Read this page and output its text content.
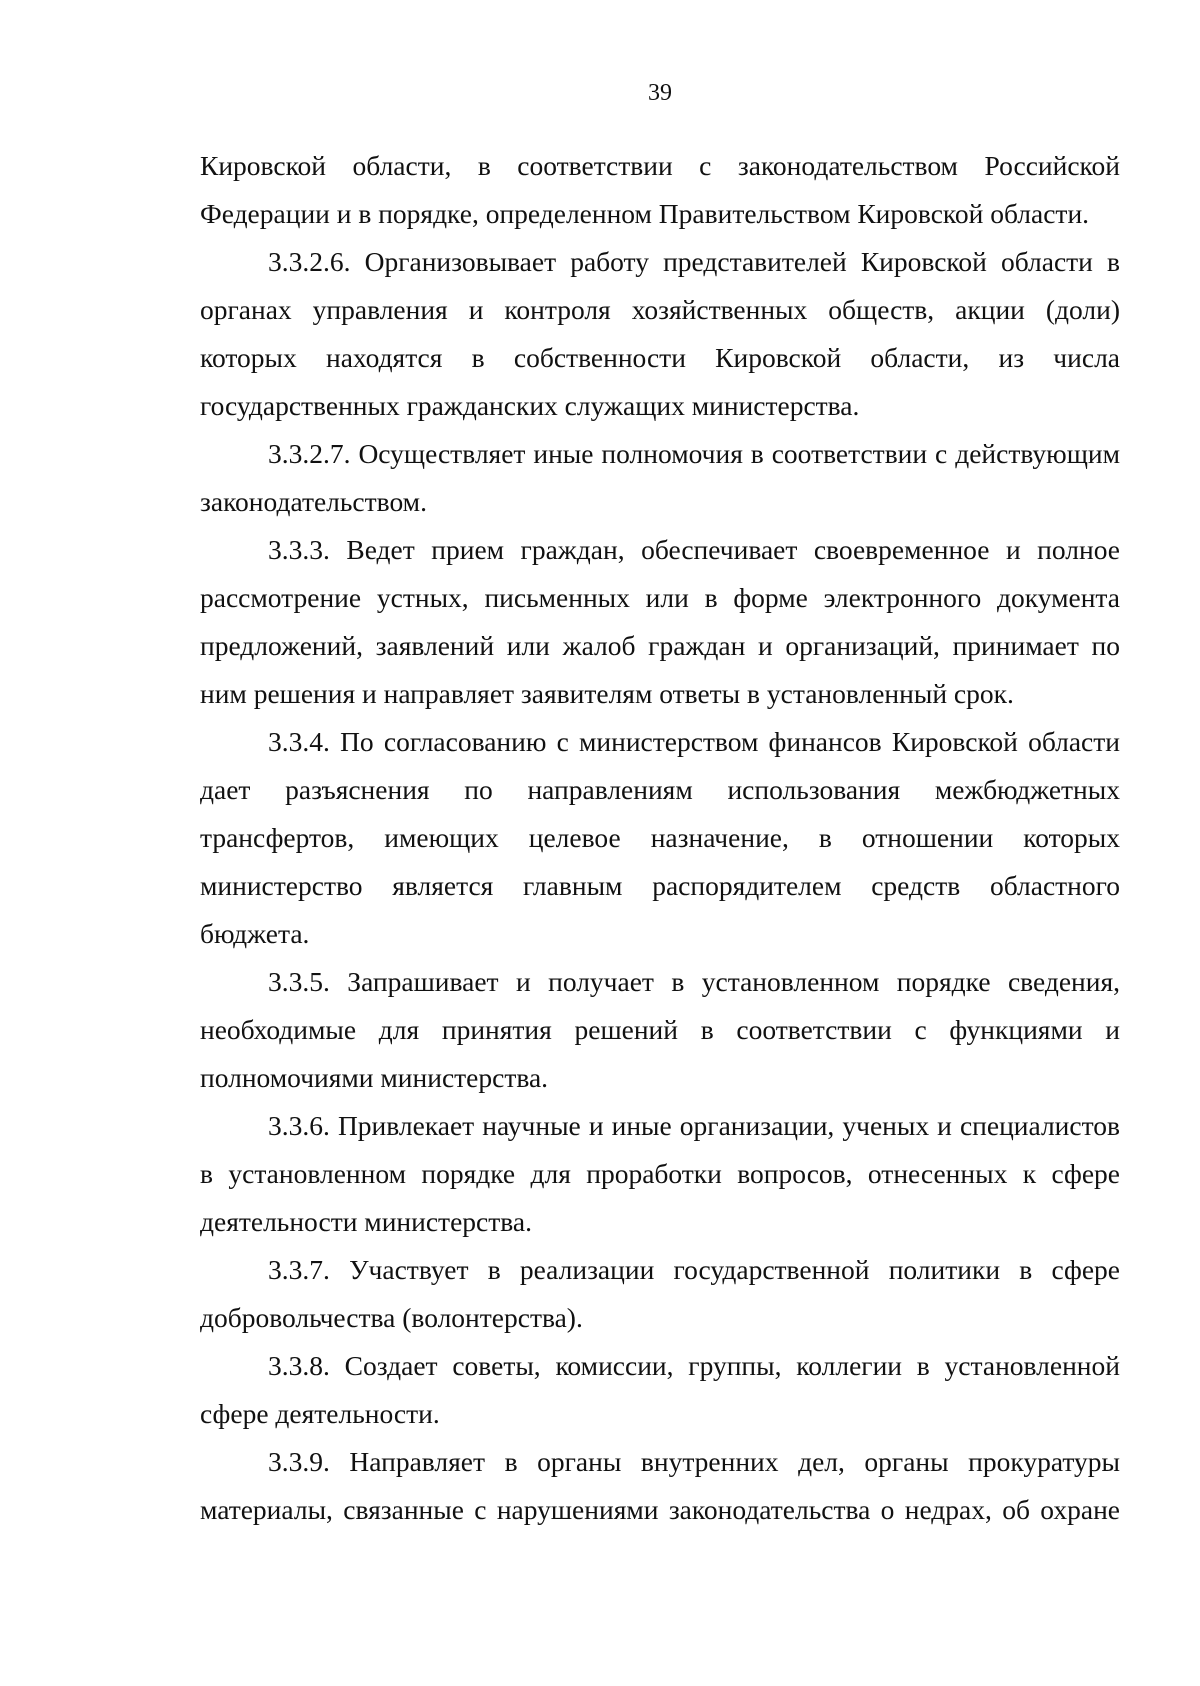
39

Кировской области, в соответствии с законодательством Российской Федерации и в порядке, определенном Правительством Кировской области.

3.3.2.6. Организовывает работу представителей Кировской области в органах управления и контроля хозяйственных обществ, акции (доли) которых находятся в собственности Кировской области, из числа государственных гражданских служащих министерства.

3.3.2.7. Осуществляет иные полномочия в соответствии с действующим законодательством.

3.3.3. Ведет прием граждан, обеспечивает своевременное и полное рассмотрение устных, письменных или в форме электронного документа предложений, заявлений или жалоб граждан и организаций, принимает по ним решения и направляет заявителям ответы в установленный срок.

3.3.4. По согласованию с министерством финансов Кировской области дает разъяснения по направлениям использования межбюджетных трансфертов, имеющих целевое назначение, в отношении которых министерство является главным распорядителем средств областного бюджета.

3.3.5. Запрашивает и получает в установленном порядке сведения, необходимые для принятия решений в соответствии с функциями и полномочиями министерства.

3.3.6. Привлекает научные и иные организации, ученых и специалистов в установленном порядке для проработки вопросов, отнесенных к сфере деятельности министерства.

3.3.7. Участвует в реализации государственной политики в сфере добровольчества (волонтерства).

3.3.8. Создает советы, комиссии, группы, коллегии в установленной сфере деятельности.

3.3.9. Направляет в органы внутренних дел, органы прокуратуры материалы, связанные с нарушениями законодательства о недрах, об охране
